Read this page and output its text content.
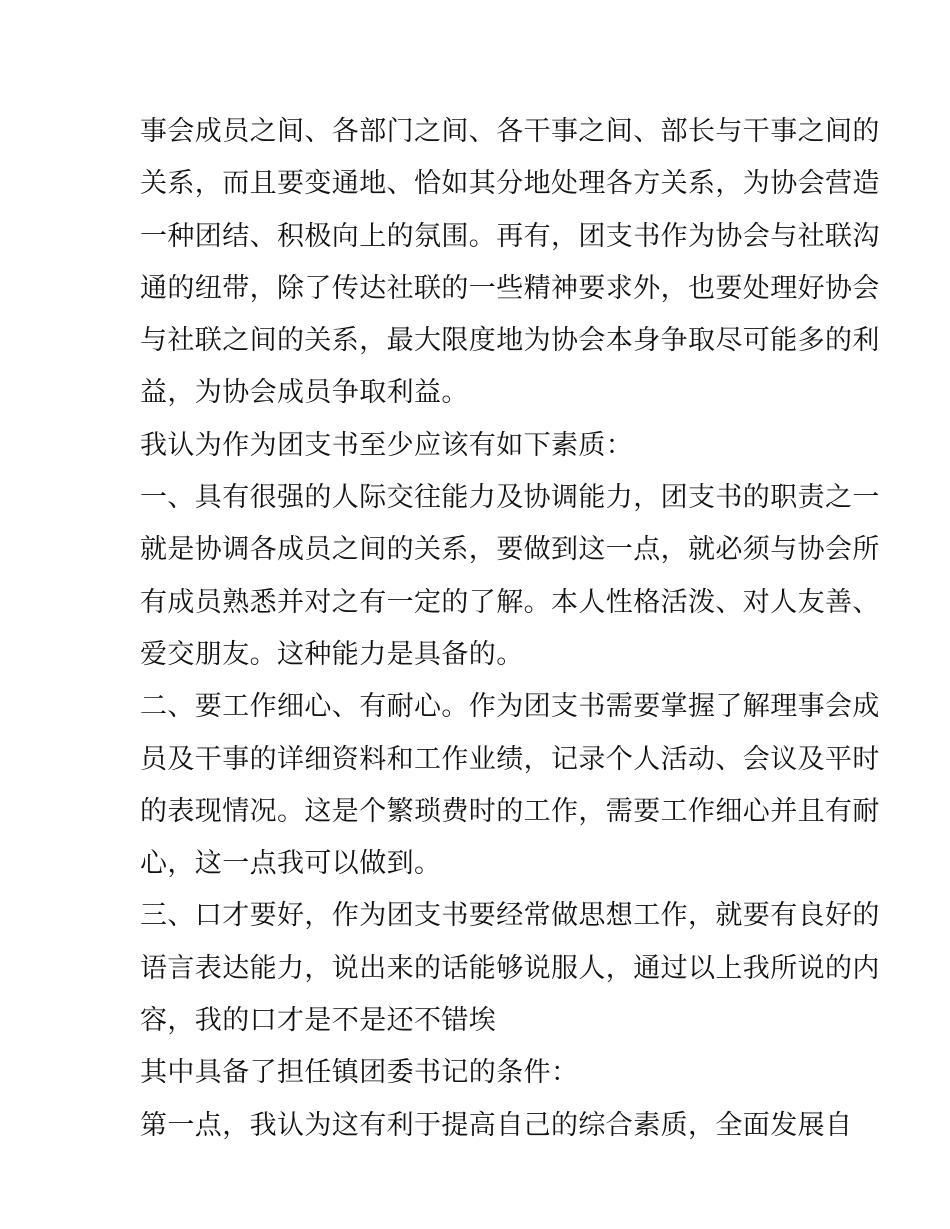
事会成员之间、各部门之间、各干事之间、部长与干事之间的
关系，而且要变通地、恰如其分地处理各方关系，为协会营造
一种团结、积极向上的氛围。再有，团支书作为协会与社联沟
通的纽带，除了传达社联的一些精神要求外，也要处理好协会
与社联之间的关系，最大限度地为协会本身争取尽可能多的利
益，为协会成员争取利益。
我认为作为团支书至少应该有如下素质：
一、具有很强的人际交往能力及协调能力，团支书的职责之一
就是协调各成员之间的关系，要做到这一点，就必须与协会所
有成员熟悉并对之有一定的了解。本人性格活泼、对人友善、
爱交朋友。这种能力是具备的。
二、要工作细心、有耐心。作为团支书需要掌握了解理事会成
员及干事的详细资料和工作业绩，记录个人活动、会议及平时
的表现情况。这是个繁琐费时的工作，需要工作细心并且有耐
心，这一点我可以做到。
三、口才要好，作为团支书要经常做思想工作，就要有良好的
语言表达能力，说出来的话能够说服人，通过以上我所说的内
容，我的口才是不是还不错埃
其中具备了担任镇团委书记的条件：
第一点，我认为这有利于提高自己的综合素质，全面发展自
